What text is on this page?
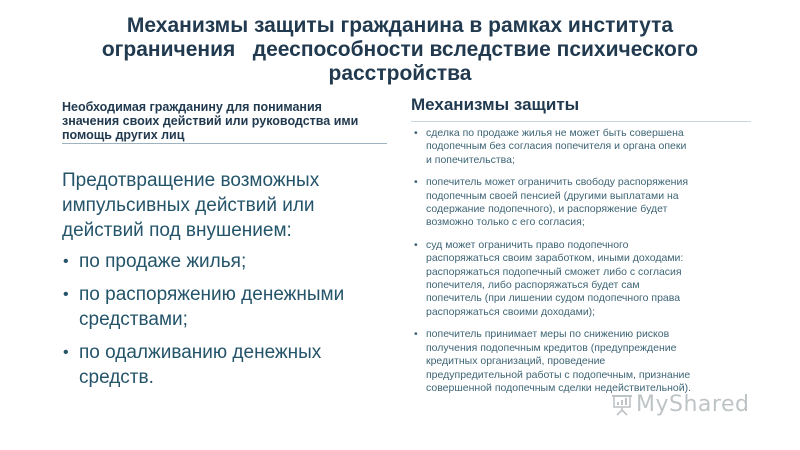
Механизмы защиты гражданина в рамках института
ограничения   дееспособности вследствие психического
расстройства
Необходимая гражданину для понимания
значения своих действий или руководства ими
помощь других лиц
Предотвращение возможных
импульсивных действий или
действий под внушением:
• по продаже жилья;
• по распоряжению денежными
средствами;
• по одалживанию денежных
средств.
Механизмы защиты
• сделка по продаже жилья не может быть совершена
подопечным без согласия попечителя и органа опеки
и попечительства;
• попечитель может ограничить свободу распоряжения
подопечным своей пенсией (другими выплатами на
содержание подопечного), и распоряжение будет
возможно только с его согласия;
• суд может ограничить право подопечного
распоряжаться своим заработком, иными доходами:
распоряжаться подопечный сможет либо с согласия
попечителя, либо распоряжаться будет сам
попечитель (при лишении судом подопечного права
распоряжаться своими доходами);
• попечитель принимает меры по снижению рисков
получения подопечным кредитов (предупреждение
кредитных организаций, проведение
предупредительной работы с подопечным, признание
совершенной подопечным сделки недействительной).
MyShared
